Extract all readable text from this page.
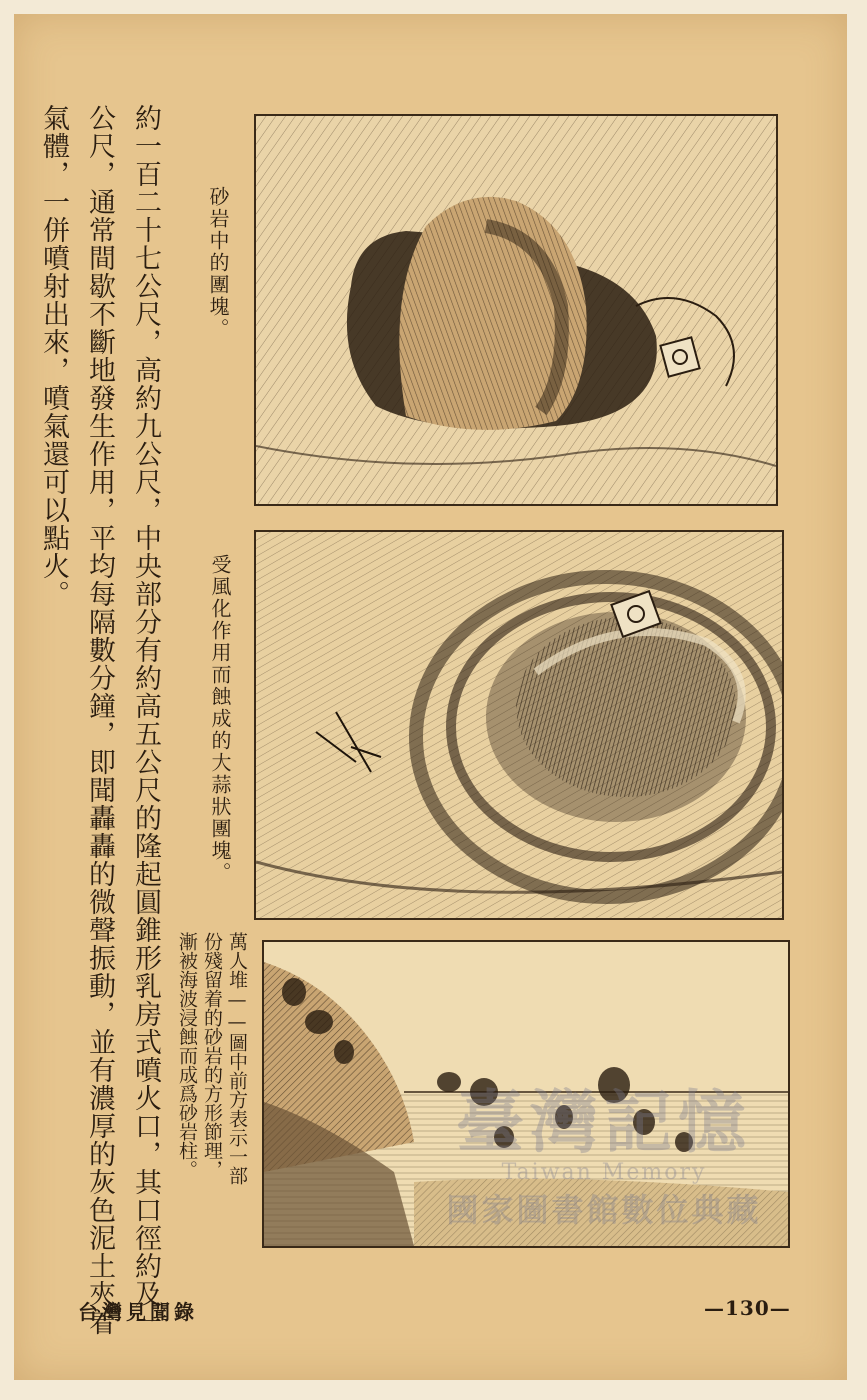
約一百二十七公尺，高約九公尺，中央部分有約高五公尺的隆起圓錐形乳房式噴火口，其口徑約及一
公尺，通常間歇不斷地發生作用，平均每隔數分鐘，即聞轟轟的微聲振動，並有濃厚的灰色泥土夾着
氣體，一併噴射出來，噴氣還可以點火。	砂岩中的團塊。
受風化作用而蝕成的大蒜狀團塊。
萬人堆——圖中前方表示一部
份殘留着的砂岩的方形節理，
漸被海波浸蝕而成爲砂岩柱。	臺灣記憶
Taiwan Memory
國家圖書館數位典藏
台灣見聞錄	—130—
